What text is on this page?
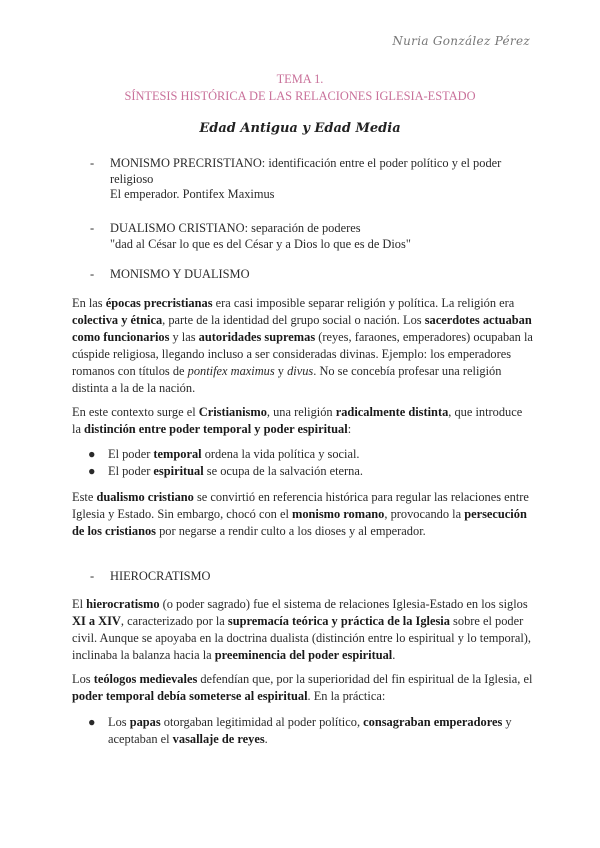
Nuria González Pérez
TEMA 1.
SÍNTESIS HISTÓRICA DE LAS RELACIONES IGLESIA-ESTADO
Edad Antigua y Edad Media
- MONISMO PRECRISTIANO: identificación entre el poder político y el poder
religioso
El emperador. Pontifex Maximus
- DUALISMO CRISTIANO: separación de poderes
"dad al César lo que es del César y a Dios lo que es de Dios"
- MONISMO Y DUALISMO
En las épocas precristianas era casi imposible separar religión y política. La religión era colectiva y étnica, parte de la identidad del grupo social o nación. Los sacerdotes actuaban como funcionarios y las autoridades supremas (reyes, faraones, emperadores) ocupaban la cúspide religiosa, llegando incluso a ser consideradas divinas. Ejemplo: los emperadores romanos con títulos de pontifex maximus y divus. No se concebía profesar una religión distinta a la de la nación.
En este contexto surge el Cristianismo, una religión radicalmente distinta, que introduce la distinción entre poder temporal y poder espiritual:
● El poder temporal ordena la vida política y social.
● El poder espiritual se ocupa de la salvación eterna.
Este dualismo cristiano se convirtió en referencia histórica para regular las relaciones entre Iglesia y Estado. Sin embargo, chocó con el monismo romano, provocando la persecución de los cristianos por negarse a rendir culto a los dioses y al emperador.
- HIEROCRATISMO
El hierocratismo (o poder sagrado) fue el sistema de relaciones Iglesia-Estado en los siglos XI a XIV, caracterizado por la supremacía teórica y práctica de la Iglesia sobre el poder civil. Aunque se apoyaba en la doctrina dualista (distinción entre lo espiritual y lo temporal), inclinaba la balanza hacia la preeminencia del poder espiritual.
Los teólogos medievales defendían que, por la superioridad del fin espiritual de la Iglesia, el poder temporal debía someterse al espiritual. En la práctica:
● Los papas otorgaban legitimidad al poder político, consagraban emperadores y aceptaban el vasallaje de reyes.
